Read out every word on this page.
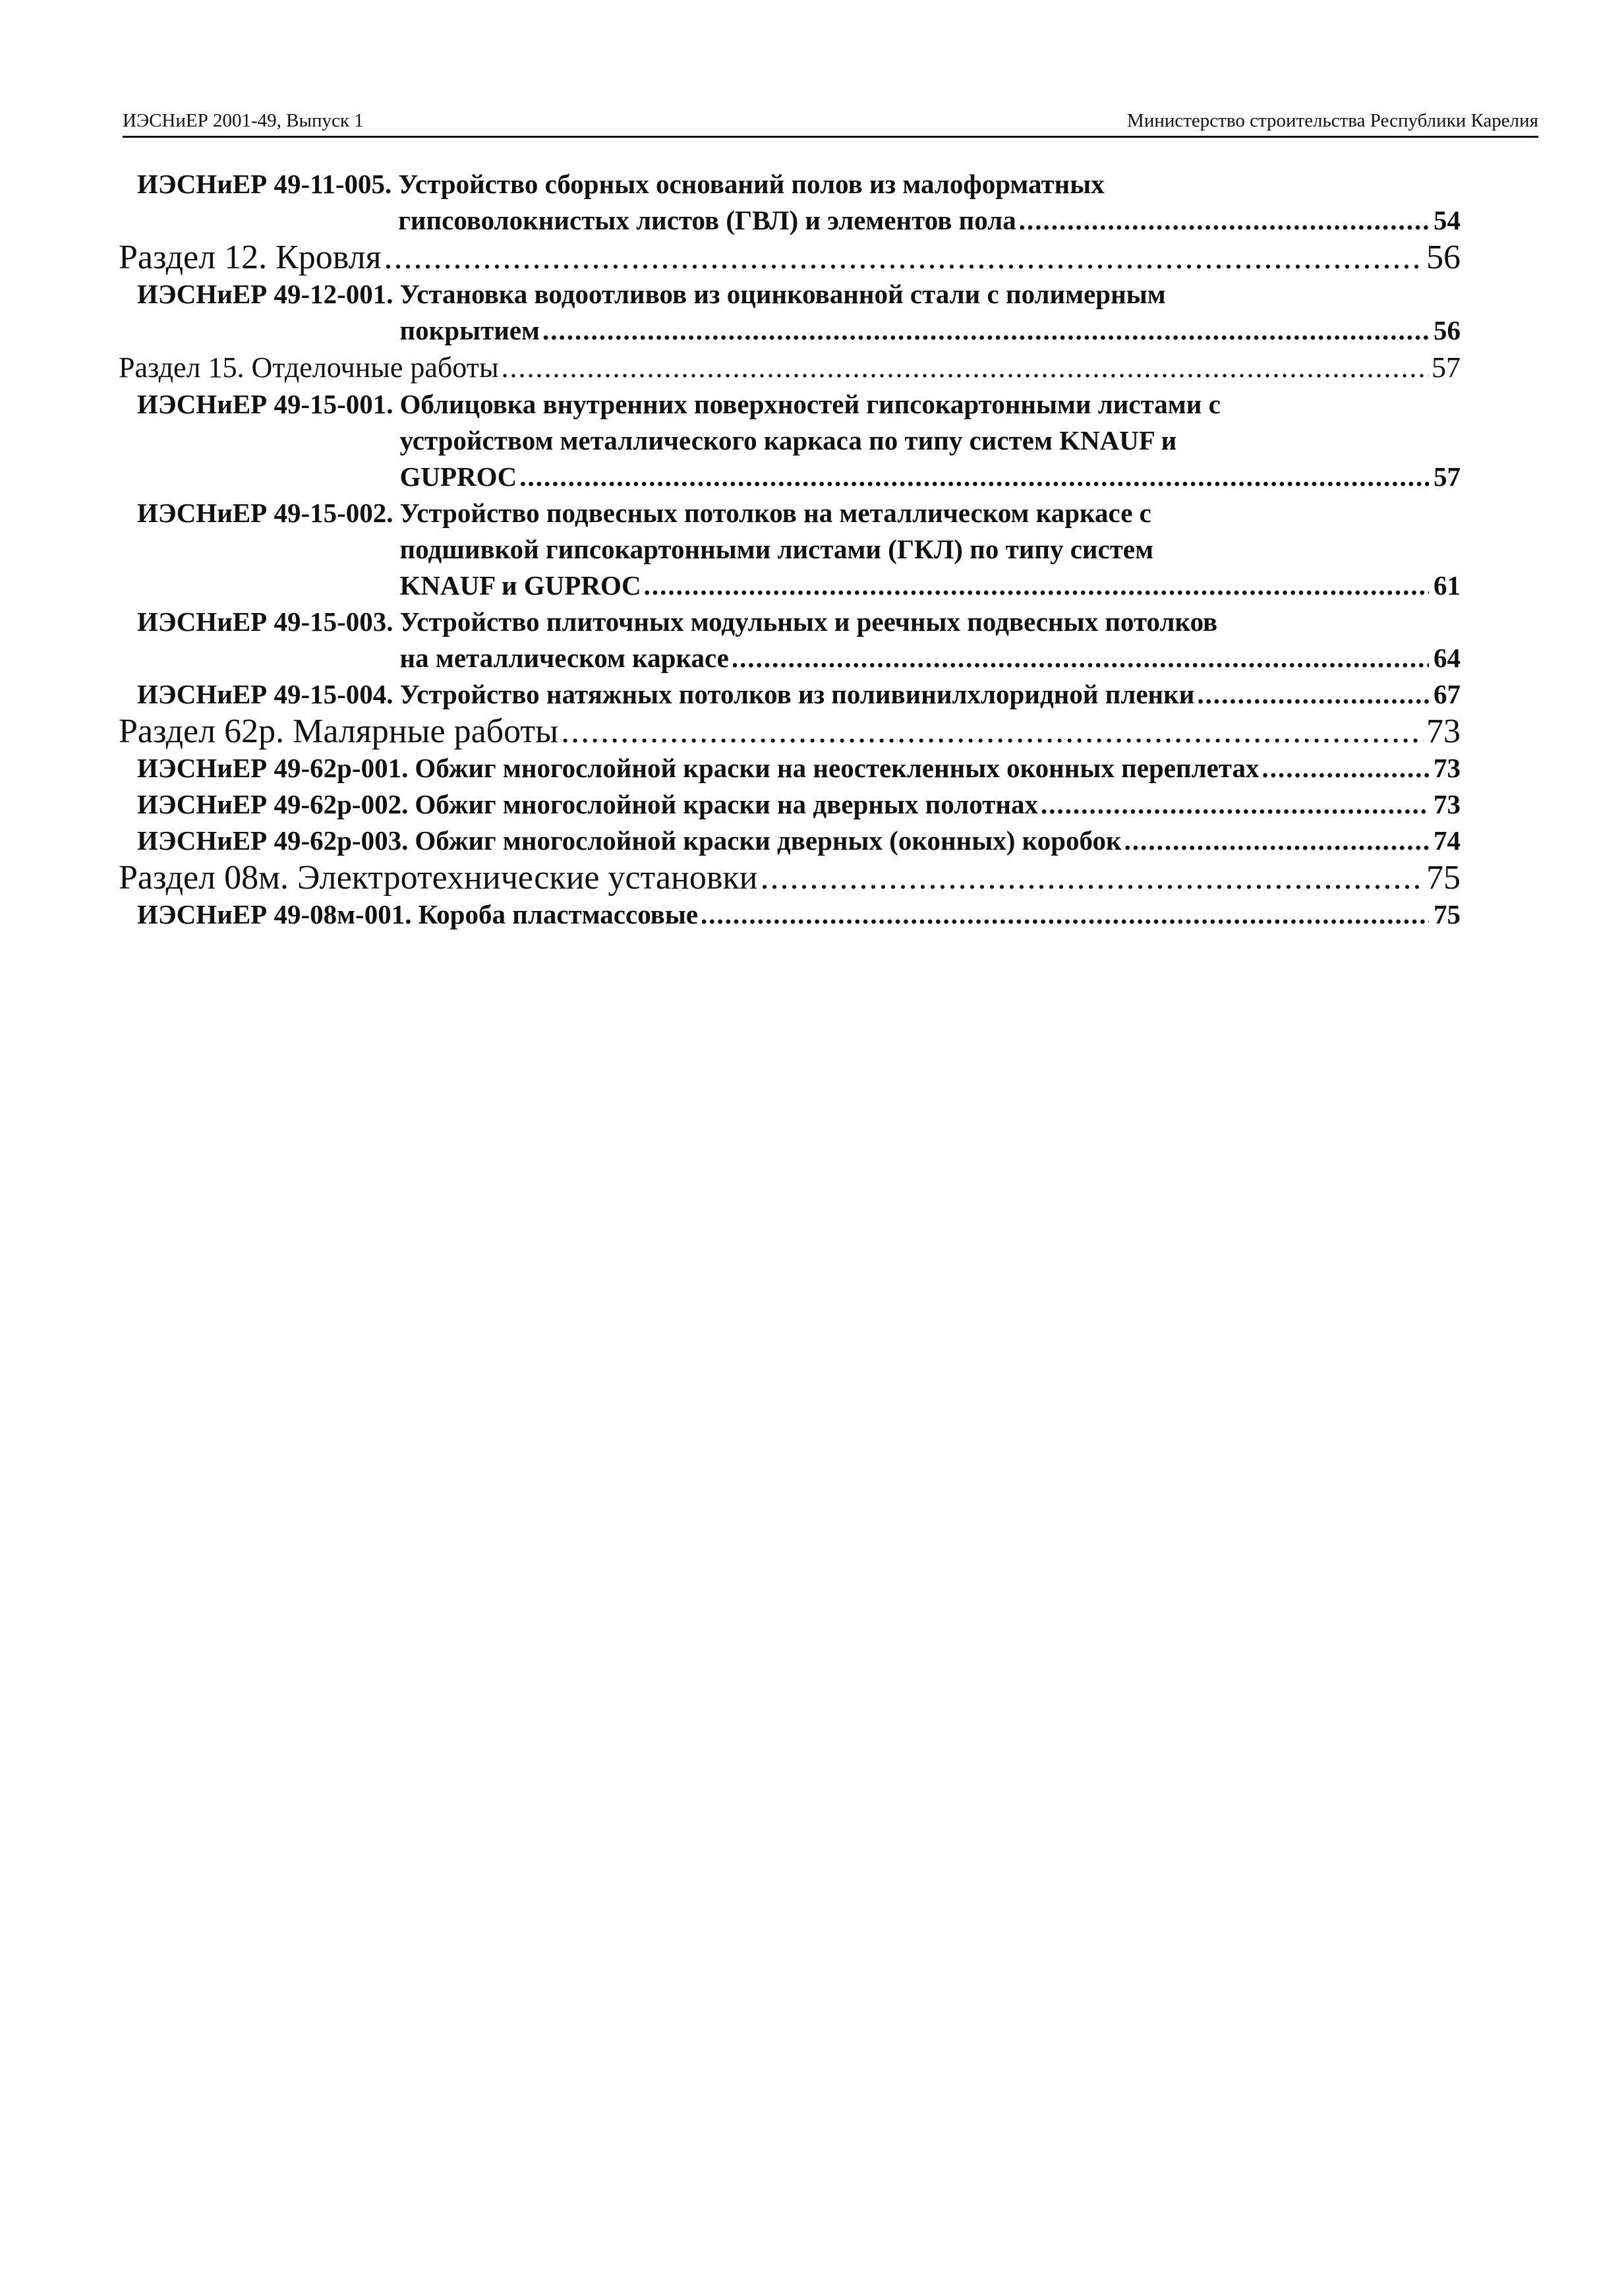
ИЭСНиЕР 2001-49, Выпуск 1	Министерство строительства Республики Карелия
ИЭСНиЕР 49-11-005. Устройство сборных оснований полов из малоформатных
гипсоволокнистых листов (ГВЛ) и элементов пола .....	54
Раздел 12. Кровля .....	56
ИЭСНиЕР 49-12-001. Установка водоотливов из оцинкованной стали с полимерным
покрытием .....	56
Раздел 15. Отделочные работы .....	57
ИЭСНиЕР 49-15-001. Облицовка внутренних поверхностей гипсокартонными листами с
устройством металлического каркаса по типу систем KNAUF и
GUPROC .....	57
ИЭСНиЕР 49-15-002. Устройство подвесных потолков на металлическом каркасе с
подшивкой гипсокартонными листами (ГКЛ) по типу систем
KNAUF и GUPROC .....	61
ИЭСНиЕР 49-15-003. Устройство плиточных модульных и реечных подвесных потолков
на металлическом каркасе .....	64
ИЭСНиЕР 49-15-004. Устройство натяжных потолков из поливинилхлоридной пленки .....	67
Раздел 62р. Малярные работы .....	73
ИЭСНиЕР 49-62р-001. Обжиг многослойной краски на неостекленных оконных переплетах .....	73
ИЭСНиЕР 49-62р-002. Обжиг многослойной краски на дверных полотнах .....	73
ИЭСНиЕР 49-62р-003. Обжиг многослойной краски дверных (оконных) коробок .....	74
Раздел 08м. Электротехнические установки .....	75
ИЭСНиЕР 49-08м-001. Короба пластмассовые .....	75
